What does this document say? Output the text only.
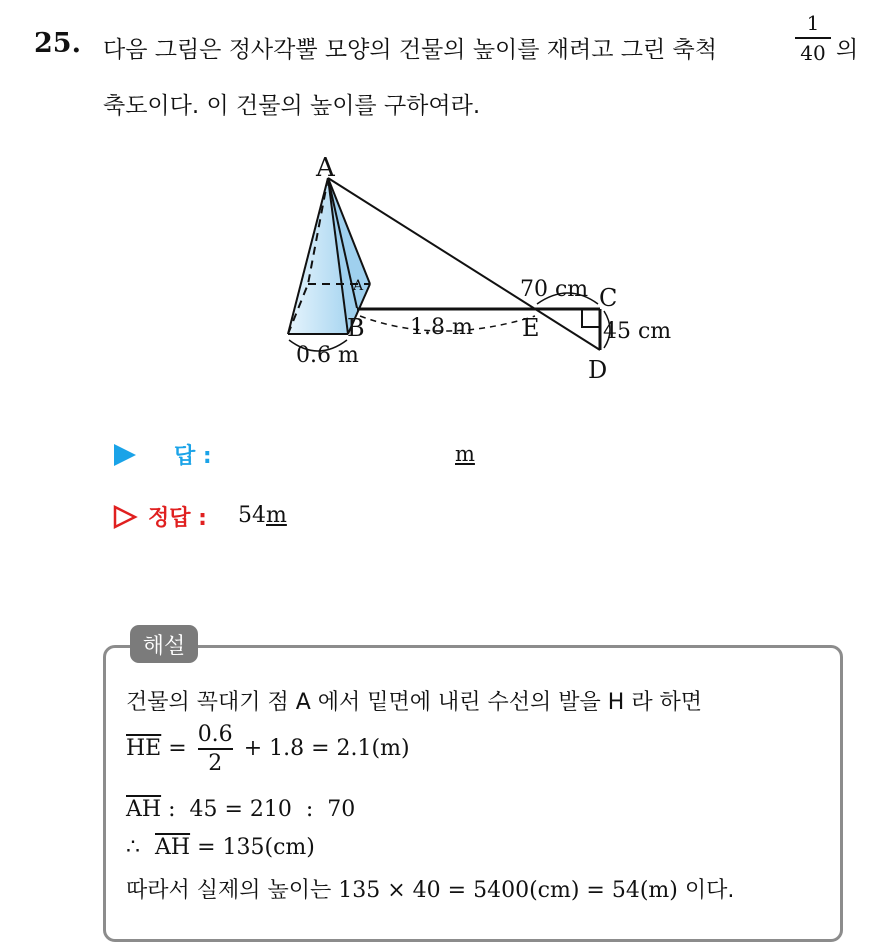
25. 다음 그림은 정사각뿔 모양의 건물의 높이를 재려고 그린 축척
1
40 의
축도이다. 이 건물의 높이를 구하여라.
A
A
B	E
C
D
0.6 m
1.8 m
70 cm
45 cm
답 :	m
정답 : 54m
해설
건물의 꼭대기 점 A 에서 밑면에 내린 수선의 발을 H 라 하면
$\overline{HE} = \frac{0.6}{2} + 1.8 = 2.1(m)$
$\overline{AH}$ :  45 = 210  :  70
∴ $\overline{AH} = 135(cm)$
따라서 실제의 높이는 135 × 40 = 5400(cm) = 54(m) 이다.
